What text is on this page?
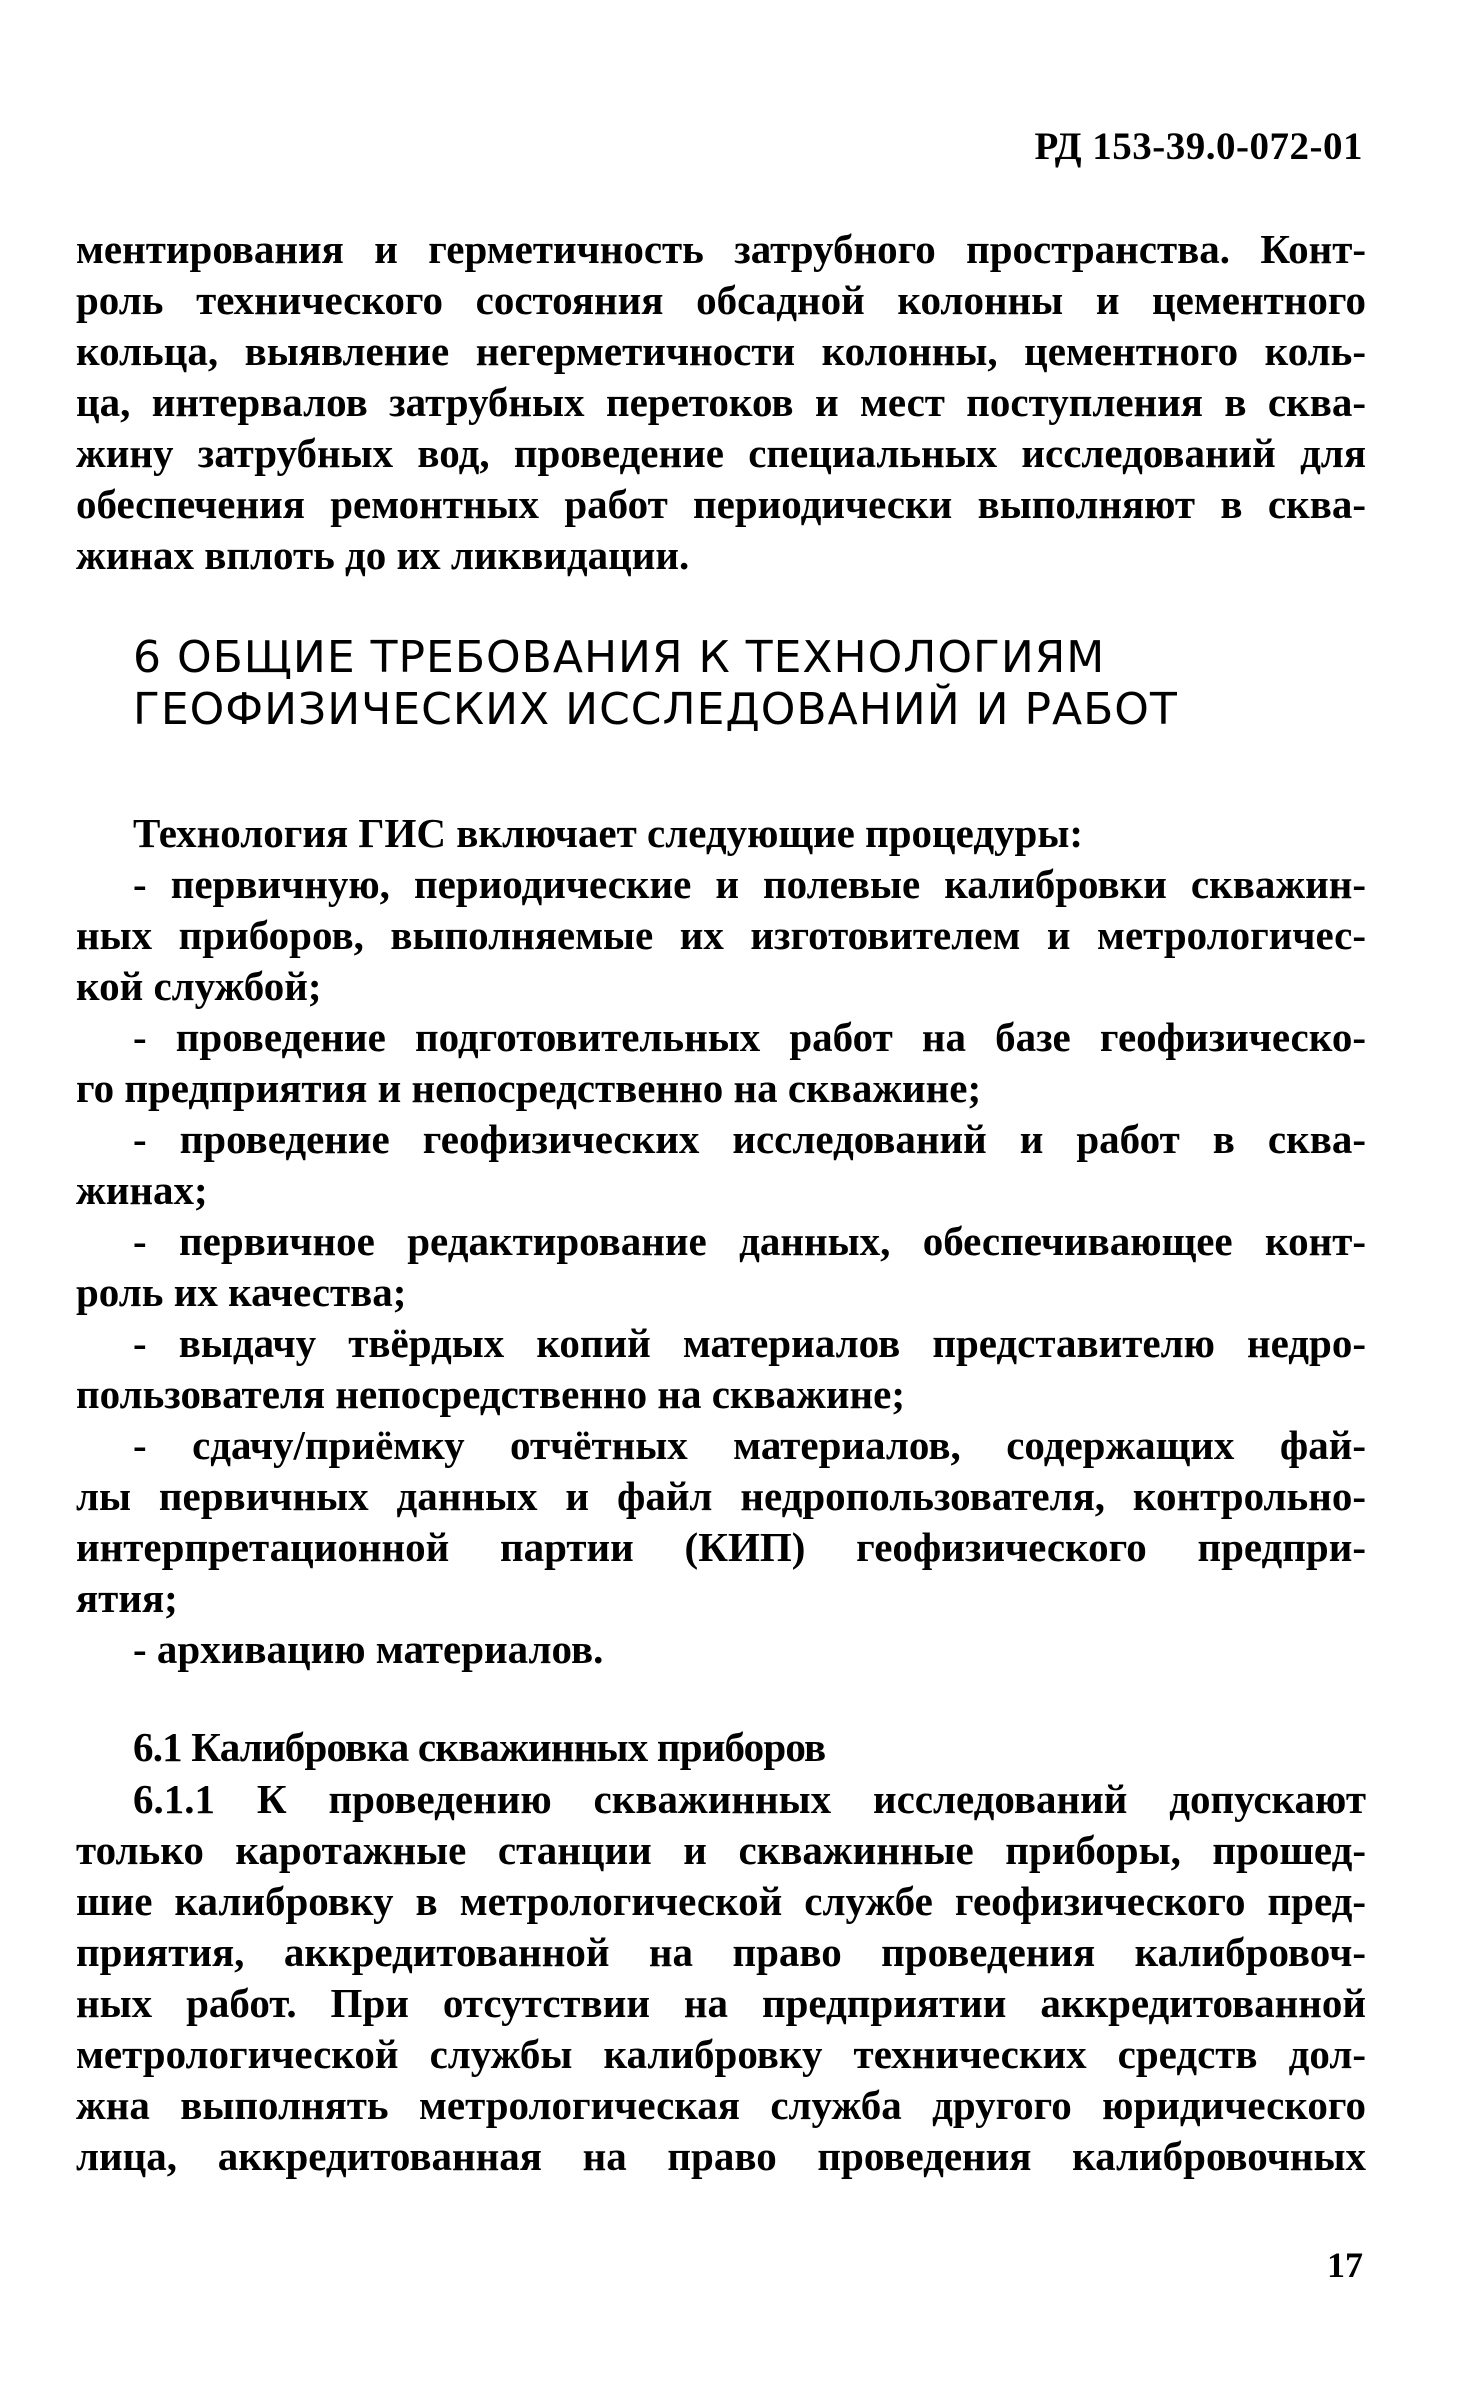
РД 153-39.0-072-01
ментирования и герметичность затрубного пространства. Конт-
роль технического состояния обсадной колонны и цементного
кольца, выявление негерметичности колонны, цементного коль-
ца, интервалов затрубных перетоков и мест поступления в сква-
жину затрубных вод, проведение специальных исследований для
обеспечения ремонтных работ периодически выполняют в сква-
жинах вплоть до их ликвидации.
6 ОБЩИЕ ТРЕБОВАНИЯ К ТЕХНОЛОГИЯМ
ГЕОФИЗИЧЕСКИХ ИССЛЕДОВАНИЙ И РАБОТ

Технология ГИС включает следующие процедуры:

- первичную, периодические и полевые калибровки скважин-
ных приборов, выполняемые их изготовителем и метрологичес-
кой службой;
- проведение подготовительных работ на базе геофизическо-
го предприятия и непосредственно на скважине;
- проведение геофизических исследований и работ в сква-
жинах;
- первичное редактирование данных, обеспечивающее конт-
роль их качества;
- выдачу твёрдых копий материалов представителю недро-
пользователя непосредственно на скважине;
- сдачу/приёмку отчётных материалов, содержащих фай-
лы первичных данных и файл недропользователя, контрольно-
интерпретационной партии (КИП) геофизического предпри-
ятия;
- архивацию материалов.
6.1 Калибровка скважинных приборов
6.1.1 К проведению скважинных исследований допускают
только каротажные станции и скважинные приборы, прошед-
шие калибровку в метрологической службе геофизического пред-
приятия, аккредитованной на право проведения калибровоч-
ных работ. При отсутствии на предприятии аккредитованной
метрологической службы калибровку технических средств дол-
жна выполнять метрологическая служба другого юридического
лица, аккредитованная на право проведения калибровочных
17
